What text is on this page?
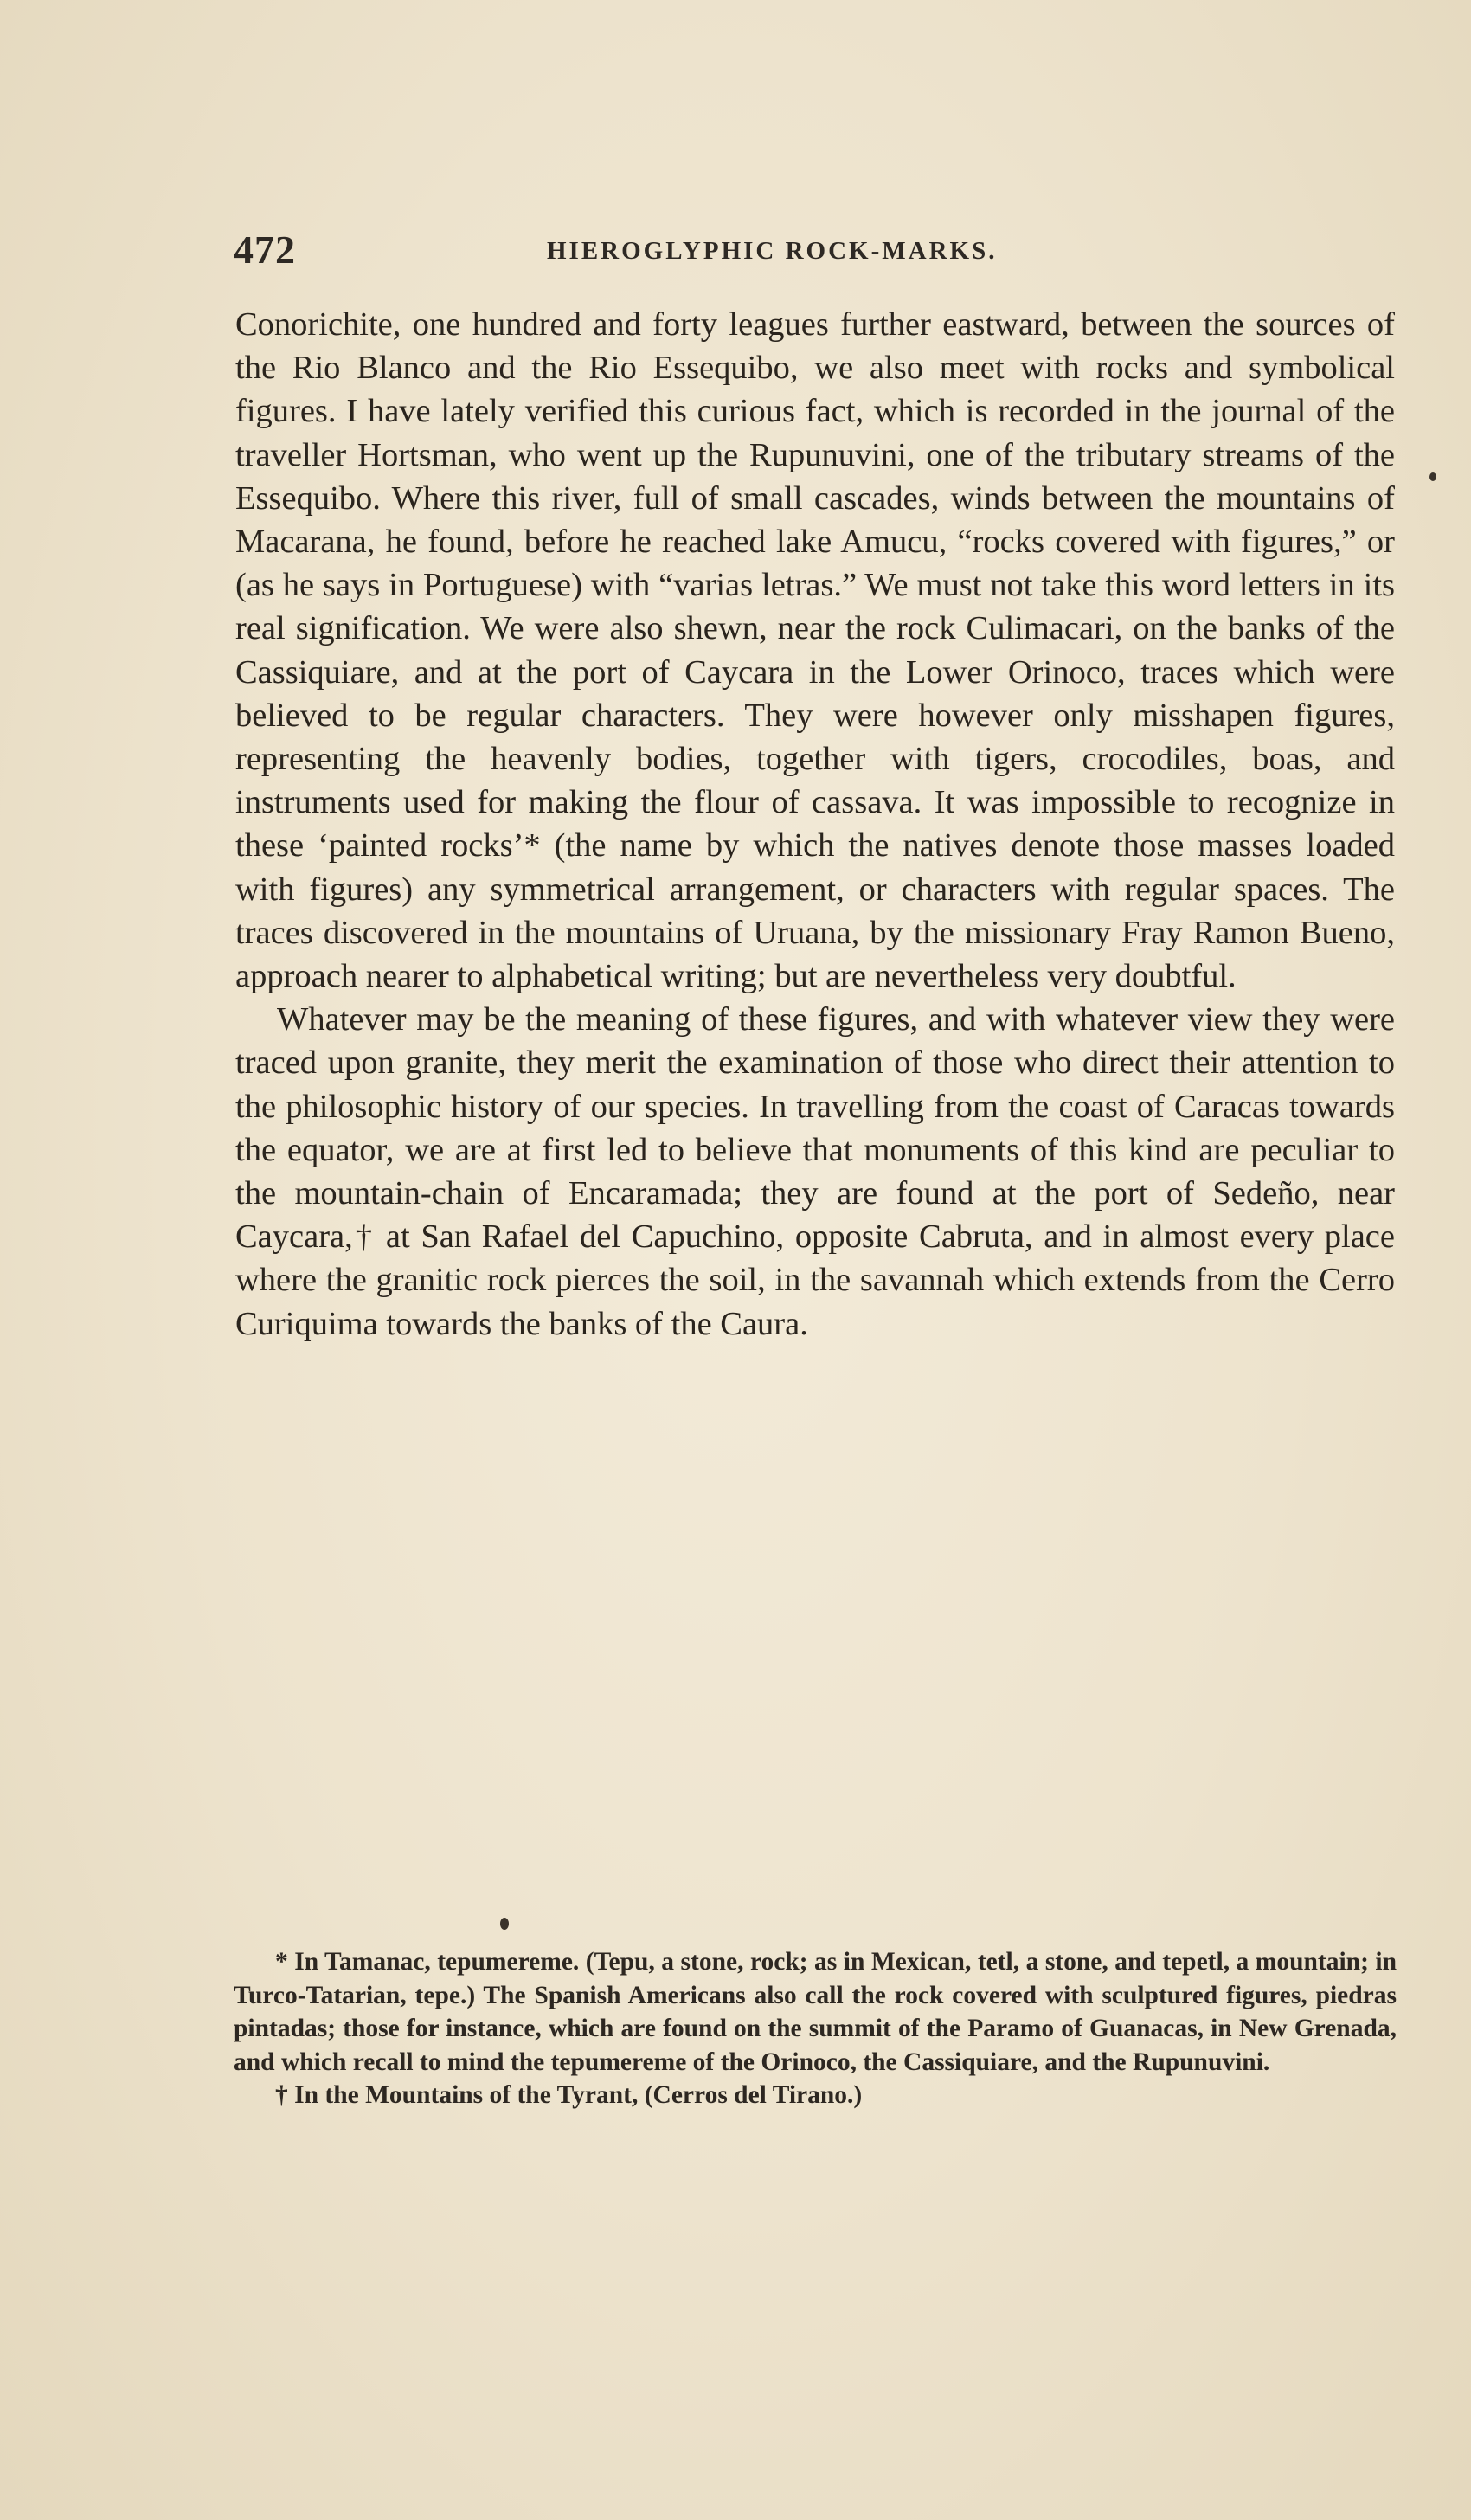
472	HIEROGLYPHIC ROCK-MARKS.

Conorichite, one hundred and forty leagues further eastward, between the sources of the Rio Blanco and the Rio Essequibo, we also meet with rocks and symbolical figures. I have lately verified this curious fact, which is recorded in the journal of the traveller Hortsman, who went up the Rupunuvini, one of the tributary streams of the Essequibo. Where this river, full of small cascades, winds between the mountains of Macarana, he found, before he reached lake Amucu, “rocks covered with figures,” or (as he says in Portuguese) with “varias letras.” We must not take this word letters in its real signification. We were also shewn, near the rock Culimacari, on the banks of the Cassiquiare, and at the port of Caycara in the Lower Orinoco, traces which were believed to be regular characters. They were however only misshapen figures, representing the heavenly bodies, together with tigers, crocodiles, boas, and instruments used for making the flour of cassava. It was impossible to recognize in these ‘painted rocks’* (the name by which the natives denote those masses loaded with figures) any symmetrical arrangement, or characters with regular spaces. The traces discovered in the mountains of Uruana, by the missionary Fray Ramon Bueno, approach nearer to alphabetical writing; but are nevertheless very doubtful.

Whatever may be the meaning of these figures, and with whatever view they were traced upon granite, they merit the examination of those who direct their attention to the philosophic history of our species. In travelling from the coast of Caracas towards the equator, we are at first led to believe that monuments of this kind are peculiar to the mountain-chain of Encaramada; they are found at the port of Sedeño, near Caycara,† at San Rafael del Capuchino, opposite Cabruta, and in almost every place where the granitic rock pierces the soil, in the savannah which extends from the Cerro Curiquima towards the banks of the Caura.

* In Tamanac, tepumereme. (Tepu, a stone, rock; as in Mexican, tetl, a stone, and tepetl, a mountain; in Turco-Tatarian, tepe.) The Spanish Americans also call the rock covered with sculptured figures, piedras pintadas; those for instance, which are found on the summit of the Paramo of Guanacas, in New Grenada, and which recall to mind the tepumereme of the Orinoco, the Cassiquiare, and the Rupunuvini.

† In the Mountains of the Tyrant, (Cerros del Tirano.)
